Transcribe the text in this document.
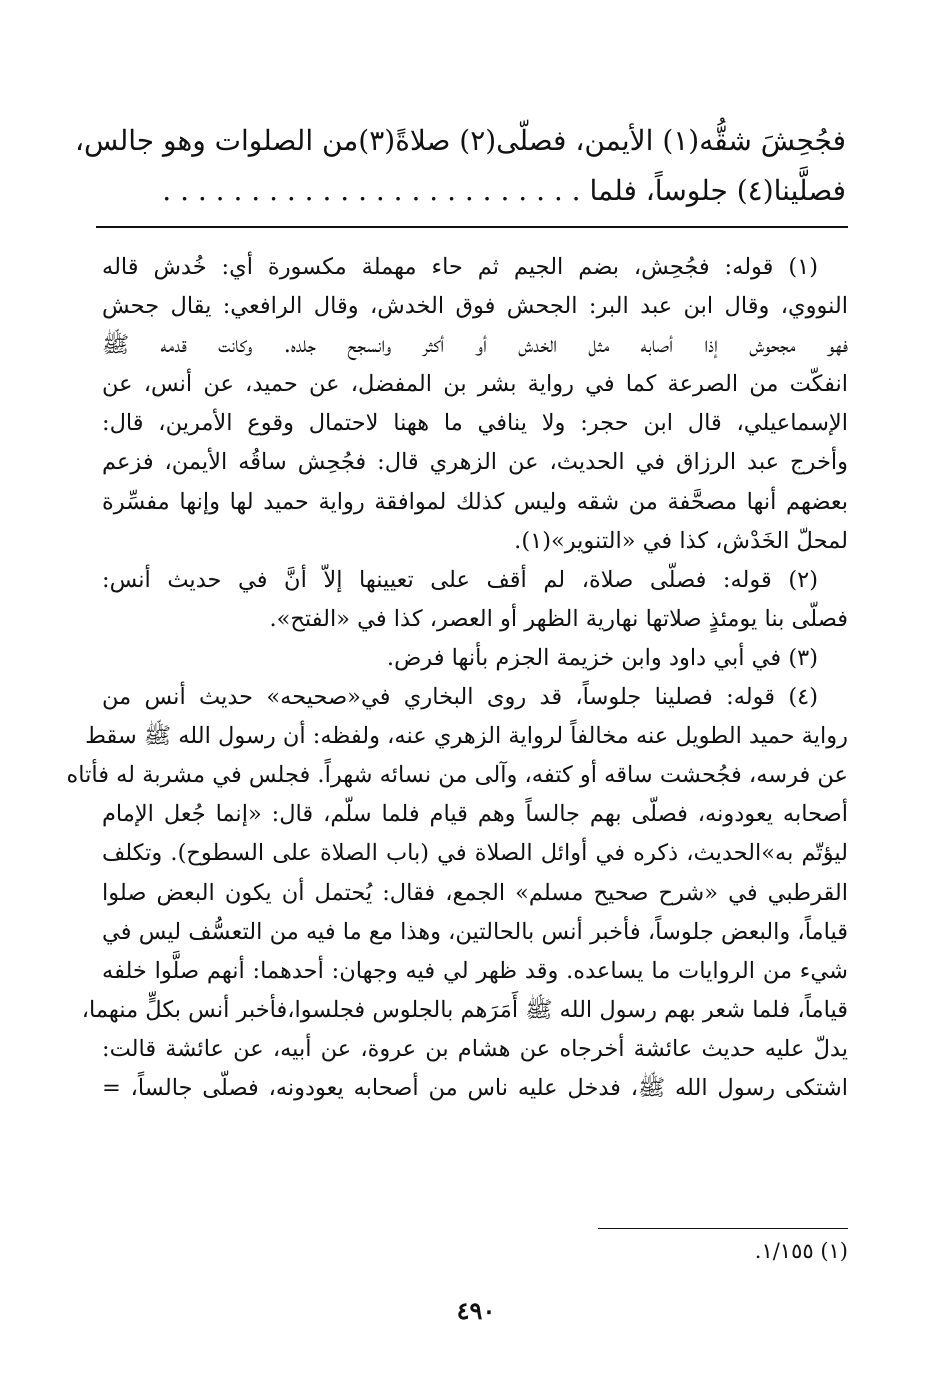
فجُحِشَ شقُّه(١) الأيمن، فصلّى(٢) صلاةً(٣)من الصلوات وهو جالس،
فصلَّينا(٤) جلوساً، فلما . . . . . . . . . . . . . . . . . . . . . . . .
(١) قوله: فجُحِش، بضم الجيم ثم حاء مهملة مكسورة أي: خُدش قاله
النووي، وقال ابن عبد البر: الجحش فوق الخدش، وقال الرافعي: يقال جحش
فهو مجحوش إذا أصابه مثل الخدش أو أكثر وانسجح جلده. وكانت قدمه ﷺ
انفكّت من الصرعة كما في رواية بشر بن المفضل، عن حميد، عن أنس، عن
الإسماعيلي، قال ابن حجر: ولا ينافي ما ههنا لاحتمال وقوع الأمرين، قال:
وأخرج عبد الرزاق في الحديث، عن الزهري قال: فجُحِش ساقُه الأيمن، فزعم
بعضهم أنها مصحَّفة من شقه وليس كذلك لموافقة رواية حميد لها وإنها مفسِّرة
لمحلّ الخَدْش، كذا في «التنوير»(١).
(٢) قوله: فصلّى صلاة، لم أقف على تعيينها إلاّ أنَّ في حديث أنس:
فصلّى بنا يومئذٍ صلاتها نهارية الظهر أو العصر، كذا في «الفتح».
(٣) في أبي داود وابن خزيمة الجزم بأنها فرض.
(٤) قوله: فصلينا جلوساً، قد روى البخاري في«صحيحه» حديث أنس من
رواية حميد الطويل عنه مخالفاً لرواية الزهري عنه، ولفظه: أن رسول الله ﷺ سقط
عن فرسه، فجُحشت ساقه أو كتفه، وآلى من نسائه شهراً. فجلس في مشربة له فأتاه
أصحابه يعودونه، فصلّى بهم جالساً وهم قيام فلما سلّم، قال: «إنما جُعل الإمام
ليؤتّم به»الحديث، ذكره في أوائل الصلاة في (باب الصلاة على السطوح). وتكلف
القرطبي في «شرح صحيح مسلم» الجمع، فقال: يُحتمل أن يكون البعض صلوا
قياماً، والبعض جلوساً، فأخبر أنس بالحالتين، وهذا مع ما فيه من التعسُّف ليس في
شيء من الروايات ما يساعده. وقد ظهر لي فيه وجهان: أحدهما: أنهم صلَّوا خلفه
قياماً، فلما شعر بهم رسول الله ﷺ أَمَرَهم بالجلوس فجلسوا،فأخبر أنس بكلٍّ منهما،
يدلّ عليه حديث عائشة أخرجاه عن هشام بن عروة، عن أبيه، عن عائشة قالت:
اشتكى رسول الله ﷺ، فدخل عليه ناس من أصحابه يعودونه، فصلّى جالساً، =
(١) ١/١٥٥.
٤٩٠
